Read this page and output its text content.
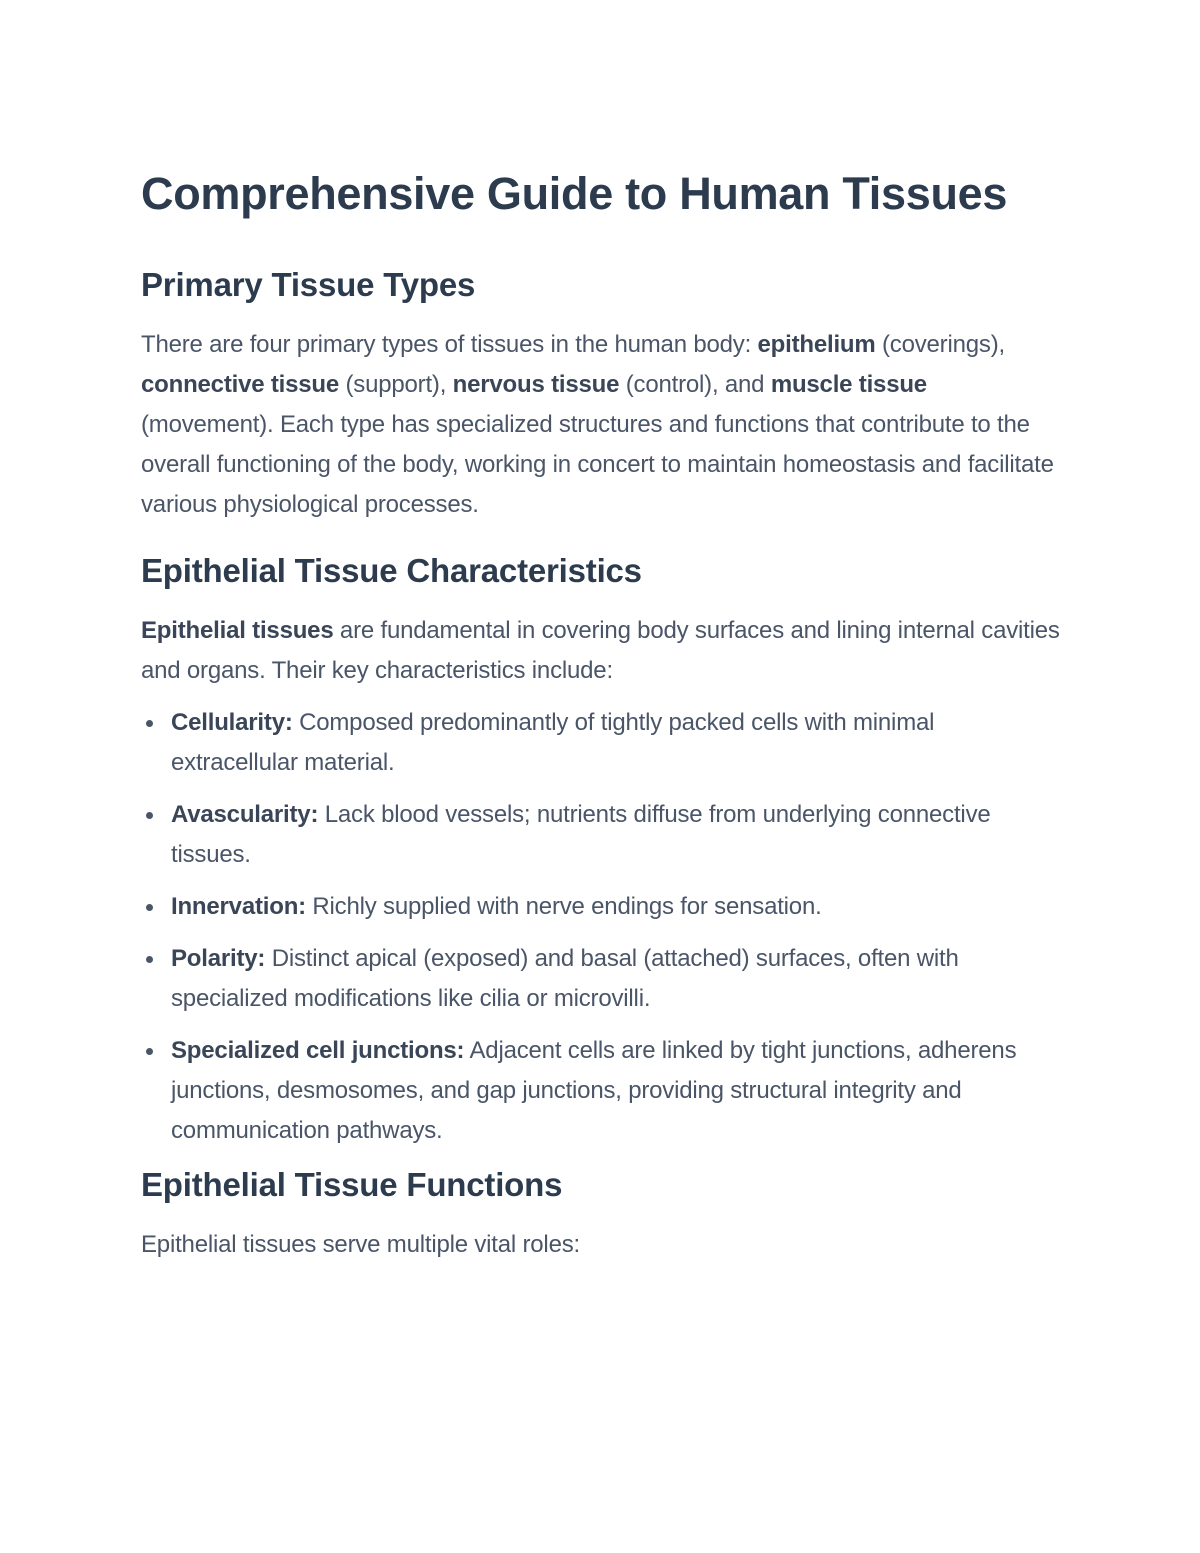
Comprehensive Guide to Human Tissues
Primary Tissue Types

There are four primary types of tissues in the human body: epithelium (coverings), connective tissue (support), nervous tissue (control), and muscle tissue (movement). Each type has specialized structures and functions that contribute to the overall functioning of the body, working in concert to maintain homeostasis and facilitate various physiological processes.

Epithelial Tissue Characteristics

Epithelial tissues are fundamental in covering body surfaces and lining internal cavities and organs. Their key characteristics include:

Cellularity: Composed predominantly of tightly packed cells with minimal extracellular material.
Avascularity: Lack blood vessels; nutrients diffuse from underlying connective tissues.
Innervation: Richly supplied with nerve endings for sensation.
Polarity: Distinct apical (exposed) and basal (attached) surfaces, often with specialized modifications like cilia or microvilli.
Specialized cell junctions: Adjacent cells are linked by tight junctions, adherens junctions, desmosomes, and gap junctions, providing structural integrity and communication pathways.
Epithelial Tissue Functions

Epithelial tissues serve multiple vital roles:
